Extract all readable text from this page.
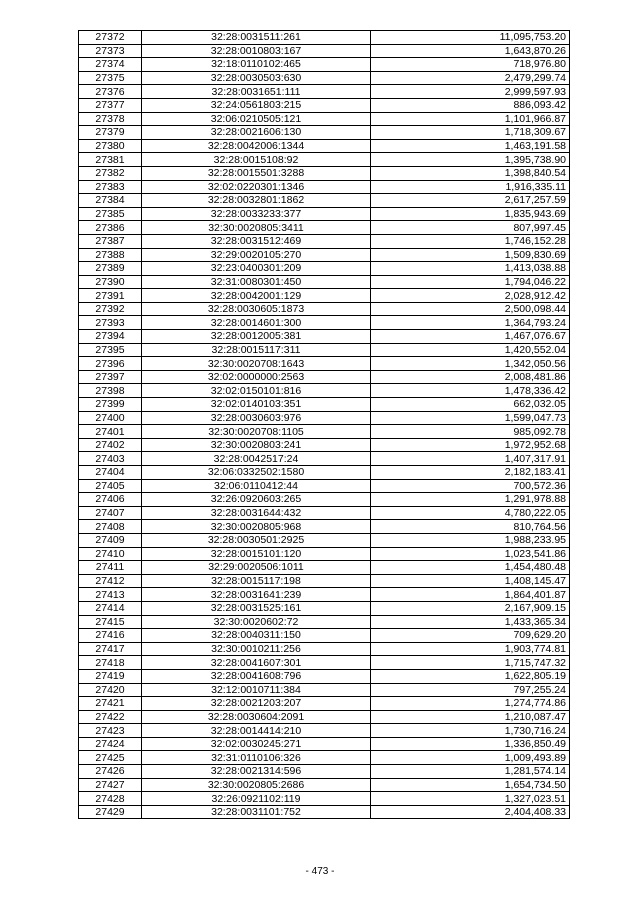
27372	32:28:0031511:261	11,095,753.20
27373	32:28:0010803:167	1,643,870.26
27374	32:18:0110102:465	718,976.80
27375	32:28:0030503:630	2,479,299.74
27376	32:28:0031651:111	2,999,597.93
27377	32:24:0561803:215	886,093.42
27378	32:06:0210505:121	1,101,966.87
27379	32:28:0021606:130	1,718,309.67
27380	32:28:0042006:1344	1,463,191.58
27381	32:28:0015108:92	1,395,738.90
27382	32:28:0015501:3288	1,398,840.54
27383	32:02:0220301:1346	1,916,335.11
27384	32:28:0032801:1862	2,617,257.59
27385	32:28:0033233:377	1,835,943.69
27386	32:30:0020805:3411	807,997.45
27387	32:28:0031512:469	1,746,152.28
27388	32:29:0020105:270	1,509,830.69
27389	32:23:0400301:209	1,413,038.88
27390	32:31:0080301:450	1,794,046.22
27391	32:28:0042001:129	2,028,912.42
27392	32:28:0030605:1873	2,500,098.44
27393	32:28:0014601:300	1,364,793.24
27394	32:28:0012005:381	1,467,076.67
27395	32:28:0015117:311	1,420,552.04
27396	32:30:0020708:1643	1,342,050.56
27397	32:02:0000000:2563	2,008,481.86
27398	32:02:0150101:816	1,478,336.42
27399	32:02:0140103:351	662,032.05
27400	32:28:0030603:976	1,599,047.73
27401	32:30:0020708:1105	985,092.78
27402	32:30:0020803:241	1,972,952.68
27403	32:28:0042517:24	1,407,317.91
27404	32:06:0332502:1580	2,182,183.41
27405	32:06:0110412:44	700,572.36
27406	32:26:0920603:265	1,291,978.88
27407	32:28:0031644:432	4,780,222.05
27408	32:30:0020805:968	810,764.56
27409	32:28:0030501:2925	1,988,233.95
27410	32:28:0015101:120	1,023,541.86
27411	32:29:0020506:1011	1,454,480.48
27412	32:28:0015117:198	1,408,145.47
27413	32:28:0031641:239	1,864,401.87
27414	32:28:0031525:161	2,167,909.15
27415	32:30:0020602:72	1,433,365.34
27416	32:28:0040311:150	709,629.20
27417	32:30:0010211:256	1,903,774.81
27418	32:28:0041607:301	1,715,747.32
27419	32:28:0041608:796	1,622,805.19
27420	32:12:0010711:384	797,255.24
27421	32:28:0021203:207	1,274,774.86
27422	32:28:0030604:2091	1,210,087.47
27423	32:28:0014414:210	1,730,716.24
27424	32:02:0030245:271	1,336,850.49
27425	32:31:0110106:326	1,009,493.89
27426	32:28:0021314:596	1,281,574.14
27427	32:30:0020805:2686	1,654,734.50
27428	32:26:0921102:119	1,327,023.51
27429	32:28:0031101:752	2,404,408.33
- 473 -
